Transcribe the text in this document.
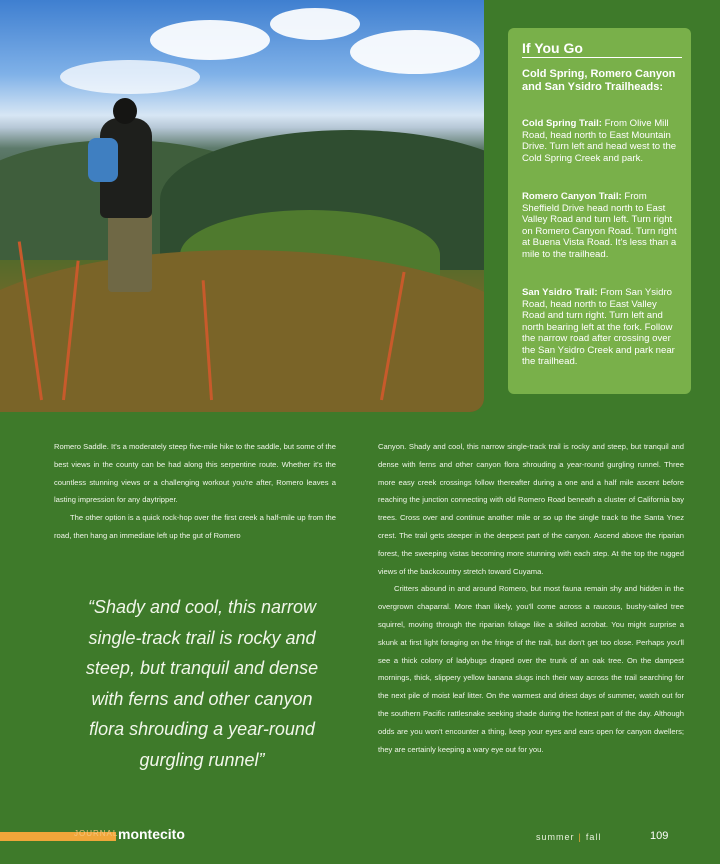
If You Go
Cold Spring, Romero Canyon and San Ysidro Trailheads:
Cold Spring Trail: From Olive Mill Road, head north to East Mountain Drive. Turn left and head west to the Cold Spring Creek and park.
Romero Canyon Trail: From Sheffield Drive head north to East Valley Road and turn left. Turn right on Romero Canyon Road. Turn right at Buena Vista Road. It's less than a mile to the trailhead.
San Ysidro Trail: From San Ysidro Road, head north to East Valley Road and turn right. Turn left and north bearing left at the fork. Follow the narrow road after crossing over the San Ysidro Creek and park near the trailhead.

Romero Saddle. It's a moderately steep five-mile hike to the saddle, but some of the best views in the county can be had along this serpentine route. Whether it's the countless stunning views or a challenging workout you're after, Romero leaves a lasting impression for any daytripper.

The other option is a quick rock-hop over the first creek a half-mile up from the road, then hang an immediate left up the gut of Romero

“Shady and cool, this narrow single-track trail is rocky and steep, but tranquil and dense with ferns and other canyon flora shrouding a year-round gurgling runnel”

Canyon. Shady and cool, this narrow single-track trail is rocky and steep, but tranquil and dense with ferns and other canyon flora shrouding a year-round gurgling runnel. Three more easy creek crossings follow thereafter during a one and a half mile ascent before reaching the junction connecting with old Romero Road beneath a cluster of California bay trees. Cross over and continue another mile or so up the single track to the Santa Ynez crest. The trail gets steeper in the deepest part of the canyon. Ascend above the riparian forest, the sweeping vistas becoming more stunning with each step. At the top the rugged views of the backcountry stretch toward Cuyama.

Critters abound in and around Romero, but most fauna remain shy and hidden in the overgrown chaparral. More than likely, you'll come across a raucous, bushy-tailed tree squirrel, moving through the riparian foliage like a skilled acrobat. You might surprise a skunk at first light foraging on the fringe of the trail, but don't get too close. Perhaps you'll see a thick colony of ladybugs draped over the trunk of an oak tree. On the dampest mornings, thick, slippery yellow banana slugs inch their way across the trail searching for the next pile of moist leaf litter. On the warmest and driest days of summer, watch out for the southern Pacific rattlesnake seeking shade during the hottest part of the day. Although odds are you won't encounter a thing, keep your eyes and ears open for canyon dwellers; they are certainly keeping a wary eye out for you.

JOURNAL montecito	summer | fall	109
